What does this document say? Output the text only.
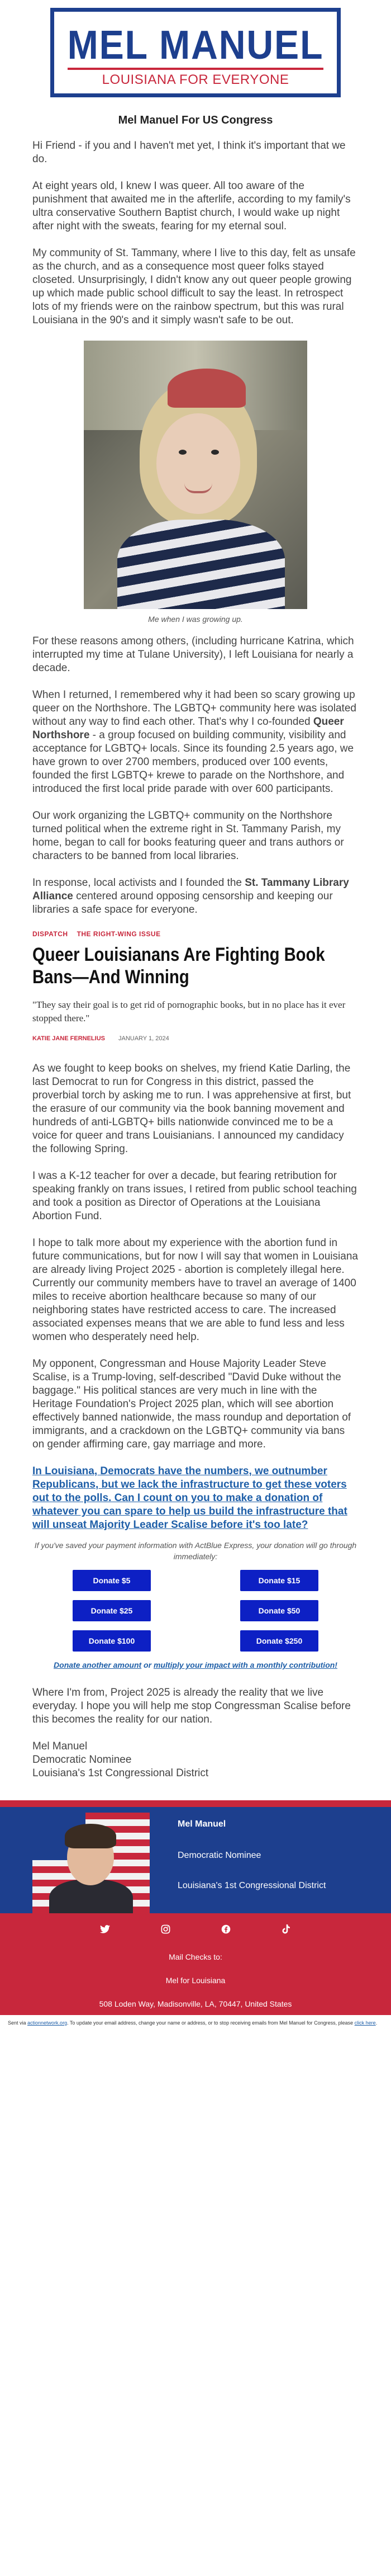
MEL MANUEL
LOUISIANA FOR EVERYONE
Mel Manuel For US Congress

Hi Friend - if you and I haven't met yet, I think it's important that we do.

At eight years old, I knew I was queer. All too aware of the punishment that awaited me in the afterlife, according to my family's ultra conservative Southern Baptist church, I would wake up night after night with the sweats, fearing for my eternal soul.

My community of St. Tammany, where I live to this day, felt as unsafe as the church, and as a consequence most queer folks stayed closeted. Unsurprisingly, I didn't know any out queer people growing up which made public school difficult to say the least. In retrospect lots of my friends were on the rainbow spectrum, but this was rural Louisiana in the 90's and it simply wasn't safe to be out.

Me when I was growing up.

For these reasons among others, (including hurricane Katrina, which interrupted my time at Tulane University), I left Louisiana for nearly a decade.

When I returned, I remembered why it had been so scary growing up queer on the Northshore. The LGBTQ+ community here was isolated without any way to find each other. That's why I co-founded Queer Northshore - a group focused on building community, visibility and acceptance for LGBTQ+ locals. Since its founding 2.5 years ago, we have grown to over 2700 members, produced over 100 events, founded the first LGBTQ+ krewe to parade on the Northshore, and introduced the first local pride parade with over 600 participants.

Our work organizing the LGBTQ+ community on the Northshore turned political when the extreme right in St. Tammany Parish, my home, began to call for books featuring queer and trans authors or characters to be banned from local libraries.

In response, local activists and I founded the St. Tammany Library Alliance centered around opposing censorship and keeping our libraries a safe space for everyone.

DISPATCH THE RIGHT-WING ISSUE
Queer Louisianans Are Fighting Book Bans—And Winning
"They say their goal is to get rid of pornographic books, but in no place has it ever stopped there."
KATIE JANE FERNELIUS JANUARY 1, 2024

As we fought to keep books on shelves, my friend Katie Darling, the last Democrat to run for Congress in this district, passed the proverbial torch by asking me to run. I was apprehensive at first, but the erasure of our community via the book banning movement and hundreds of anti-LGBTQ+ bills nationwide convinced me to be a voice for queer and trans Louisianians. I announced my candidacy the following Spring.

I was a K-12 teacher for over a decade, but fearing retribution for speaking frankly on trans issues, I retired from public school teaching and took a position as Director of Operations at the Louisiana Abortion Fund.

I hope to talk more about my experience with the abortion fund in future communications, but for now I will say that women in Louisiana are already living Project 2025 - abortion is completely illegal here. Currently our community members have to travel an average of 1400 miles to receive abortion healthcare because so many of our neighboring states have restricted access to care. The increased associated expenses means that we are able to fund less and less women who desperately need help.

My opponent, Congressman and House Majority Leader Steve Scalise, is a Trump-loving, self-described "David Duke without the baggage." His political stances are very much in line with the Heritage Foundation's Project 2025 plan, which will see abortion effectively banned nationwide, the mass roundup and deportation of immigrants, and a crackdown on the LGBTQ+ community via bans on gender affirming care, gay marriage and more.

In Louisiana, Democrats have the numbers, we outnumber Republicans, but we lack the infrastructure to get these voters out to the polls. Can I count on you to make a donation of whatever you can spare to help us build the infrastructure that will unseat Majority Leader Scalise before it's too late?

If you've saved your payment information with ActBlue Express, your donation will go through immediately:

Donate $5	Donate $15
Donate $25	Donate $50
Donate $100	Donate $250

Donate another amount or multiply your impact with a monthly contribution!

Where I'm from, Project 2025 is already the reality that we live everyday. I hope you will help me stop Congressman Scalise before this becomes the reality for our nation.

Mel Manuel

Democratic Nominee

Louisiana's 1st Congressional District

Mel Manuel
Democratic Nominee
Louisiana's 1st Congressional District
Mail Checks to:
Mel for Louisiana
508 Loden Way, Madisonville, LA, 70447, United States
Sent via actionnetwork.org. To update your email address, change your name or address, or to stop receiving emails from Mel Manuel for Congress, please click here.
